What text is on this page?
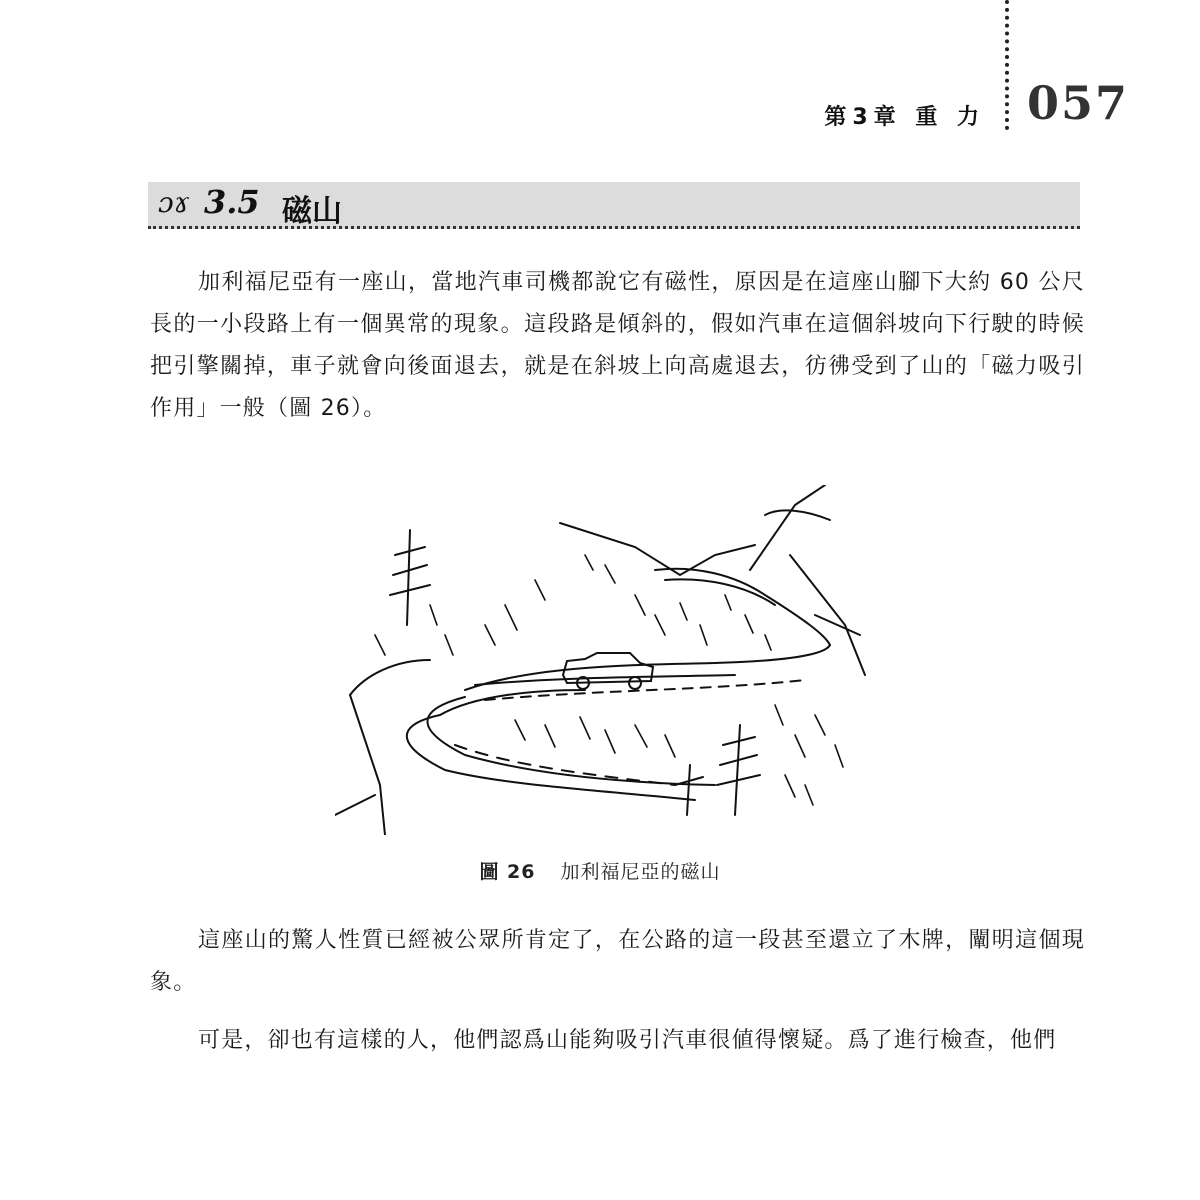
第3章 重 力 057
ɔɤ 3.5 磁山

加利福尼亞有一座山，當地汽車司機都說它有磁性，原因是在這座山腳下大約 60 公尺長的一小段路上有一個異常的現象。這段路是傾斜的，假如汽車在這個斜坡向下行駛的時候把引擎關掉，車子就會向後面退去，就是在斜坡上向高處退去，彷彿受到了山的「磁力吸引作用」一般（圖 26）。

圖 26 加利福尼亞的磁山

這座山的驚人性質已經被公眾所肯定了，在公路的這一段甚至還立了木牌，闡明這個現象。

可是，卻也有這樣的人，他們認爲山能夠吸引汽車很値得懷疑。爲了進行檢查，他們
